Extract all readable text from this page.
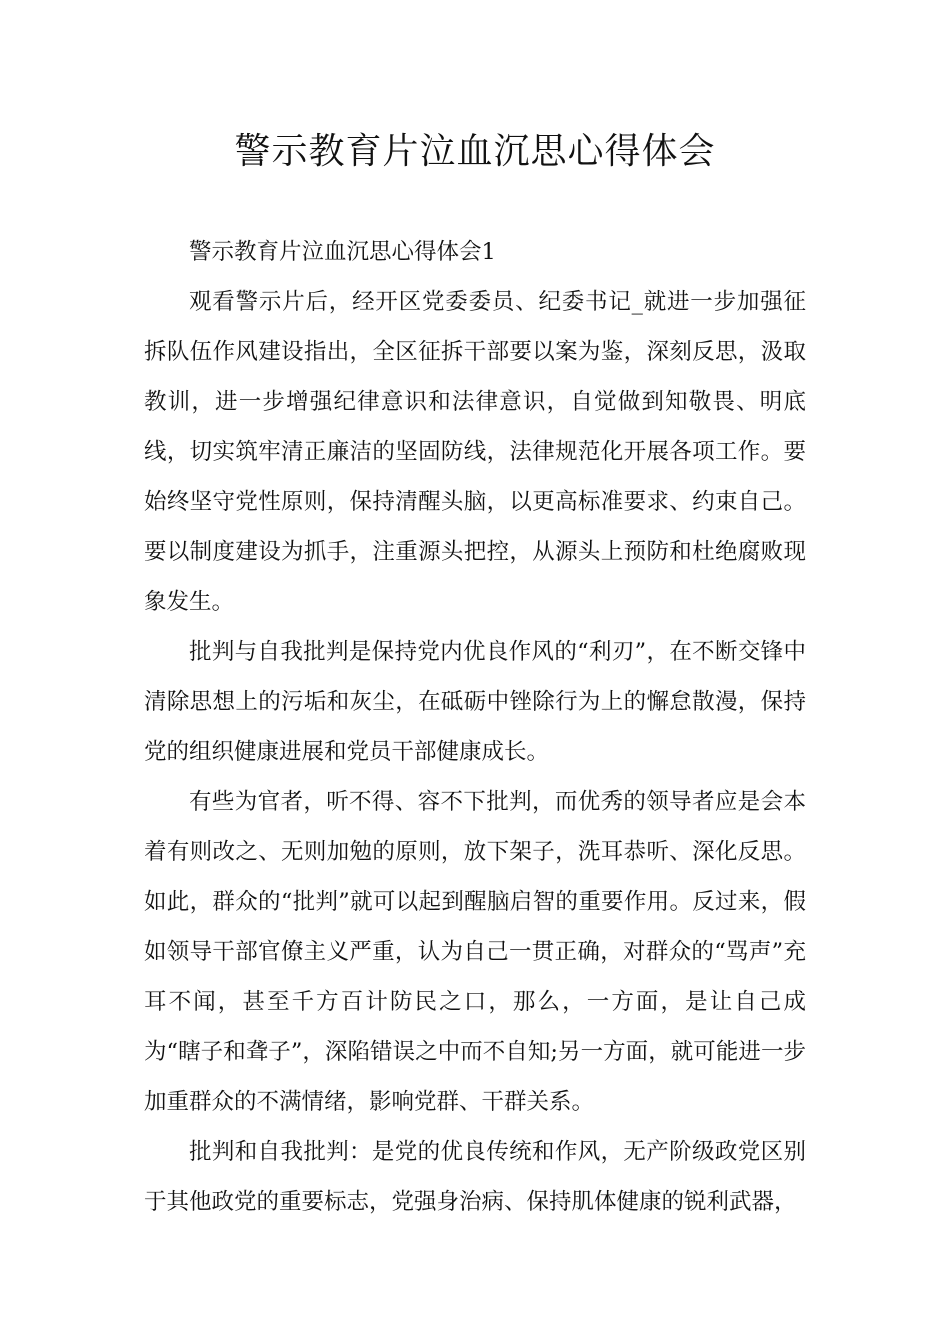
警示教育片泣血沉思心得体会

警示教育片泣血沉思心得体会1

观看警示片后，经开区党委委员、纪委书记_就进一步加强征拆队伍作风建设指出，全区征拆干部要以案为鉴，深刻反思，汲取教训，进一步增强纪律意识和法律意识，自觉做到知敬畏、明底线，切实筑牢清正廉洁的坚固防线，法律规范化开展各项工作。要始终坚守党性原则，保持清醒头脑，以更高标准要求、约束自己。要以制度建设为抓手，注重源头把控，从源头上预防和杜绝腐败现象发生。

批判与自我批判是保持党内优良作风的“利刃”，在不断交锋中清除思想上的污垢和灰尘，在砥砺中锉除行为上的懈怠散漫，保持党的组织健康进展和党员干部健康成长。

有些为官者，听不得、容不下批判，而优秀的领导者应是会本着有则改之、无则加勉的原则，放下架子，洗耳恭听、深化反思。如此，群众的“批判”就可以起到醒脑启智的重要作用。反过来，假如领导干部官僚主义严重，认为自己一贯正确，对群众的“骂声”充耳不闻，甚至千方百计防民之口，那么，一方面，是让自己成为“瞎子和聋子”，深陷错误之中而不自知;另一方面，就可能进一步加重群众的不满情绪，影响党群、干群关系。

批判和自我批判：是党的优良传统和作风，无产阶级政党区别于其他政党的重要标志，党强身治病、保持肌体健康的锐利武器，
